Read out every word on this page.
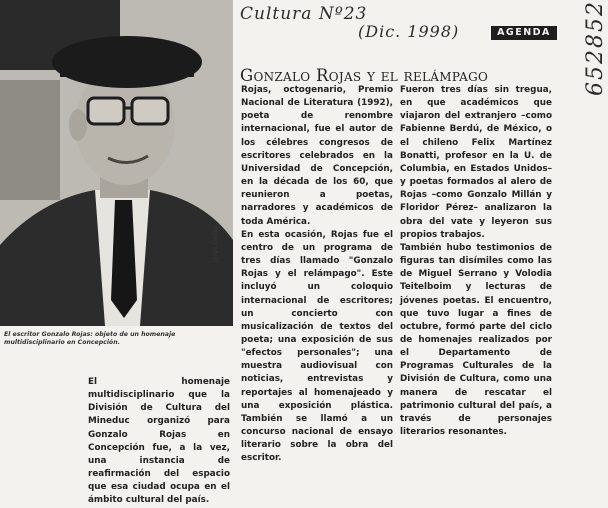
Jorge Gaitea
El escritor Gonzalo Rojas: objeto de un homenaje multidisciplinario en Concepción.
Cultura Nº23
(Dic. 1998)	652852
AGENDA
Gonzalo Rojas y el relámpago

Rojas, octogenario, Premio Nacional de Literatura (1992), poeta de renombre internacional, fue el autor de los célebres congresos de escritores celebrados en la Universidad de Concepción, en la década de los 60, que reunieron a poetas, narradores y académicos de toda América.

En esta ocasión, Rojas fue el centro de un programa de tres días llamado "Gonzalo Rojas y el relámpago". Este incluyó un coloquio internacional de escritores; un concierto con musicalización de textos del poeta; una exposición de sus "efectos personales"; una muestra audiovisual con noticias, entrevistas y reportajes al homenajeado y una exposición plástica. También se llamó a un concurso nacional de ensayo literario sobre la obra del escritor.

Fueron tres días sin tregua, en que académicos que viajaron del extranjero –como Fabienne Berdú, de México, o el chileno Felix Martínez Bonatti, profesor en la U. de Columbia, en Estados Unidos– y poetas formados al alero de Rojas –como Gonzalo Millán y Floridor Pérez– analizaron la obra del vate y leyeron sus propios trabajos.

También hubo testimonios de figuras tan disímiles como las de Miguel Serrano y Volodia Teitelboim y lecturas de jóvenes poetas. El encuentro, que tuvo lugar a fines de octubre, formó parte del ciclo de homenajes realizados por el Departamento de Programas Culturales de la División de Cultura, como una manera de rescatar el patrimonio cultural del país, a través de personajes literarios resonantes.

El homenaje multidisciplinario que la División de Cultura del Mineduc organizó para Gonzalo Rojas en Concepción fue, a la vez, una instancia de reafirmación del espacio que esa ciudad ocupa en el ámbito cultural del país.
